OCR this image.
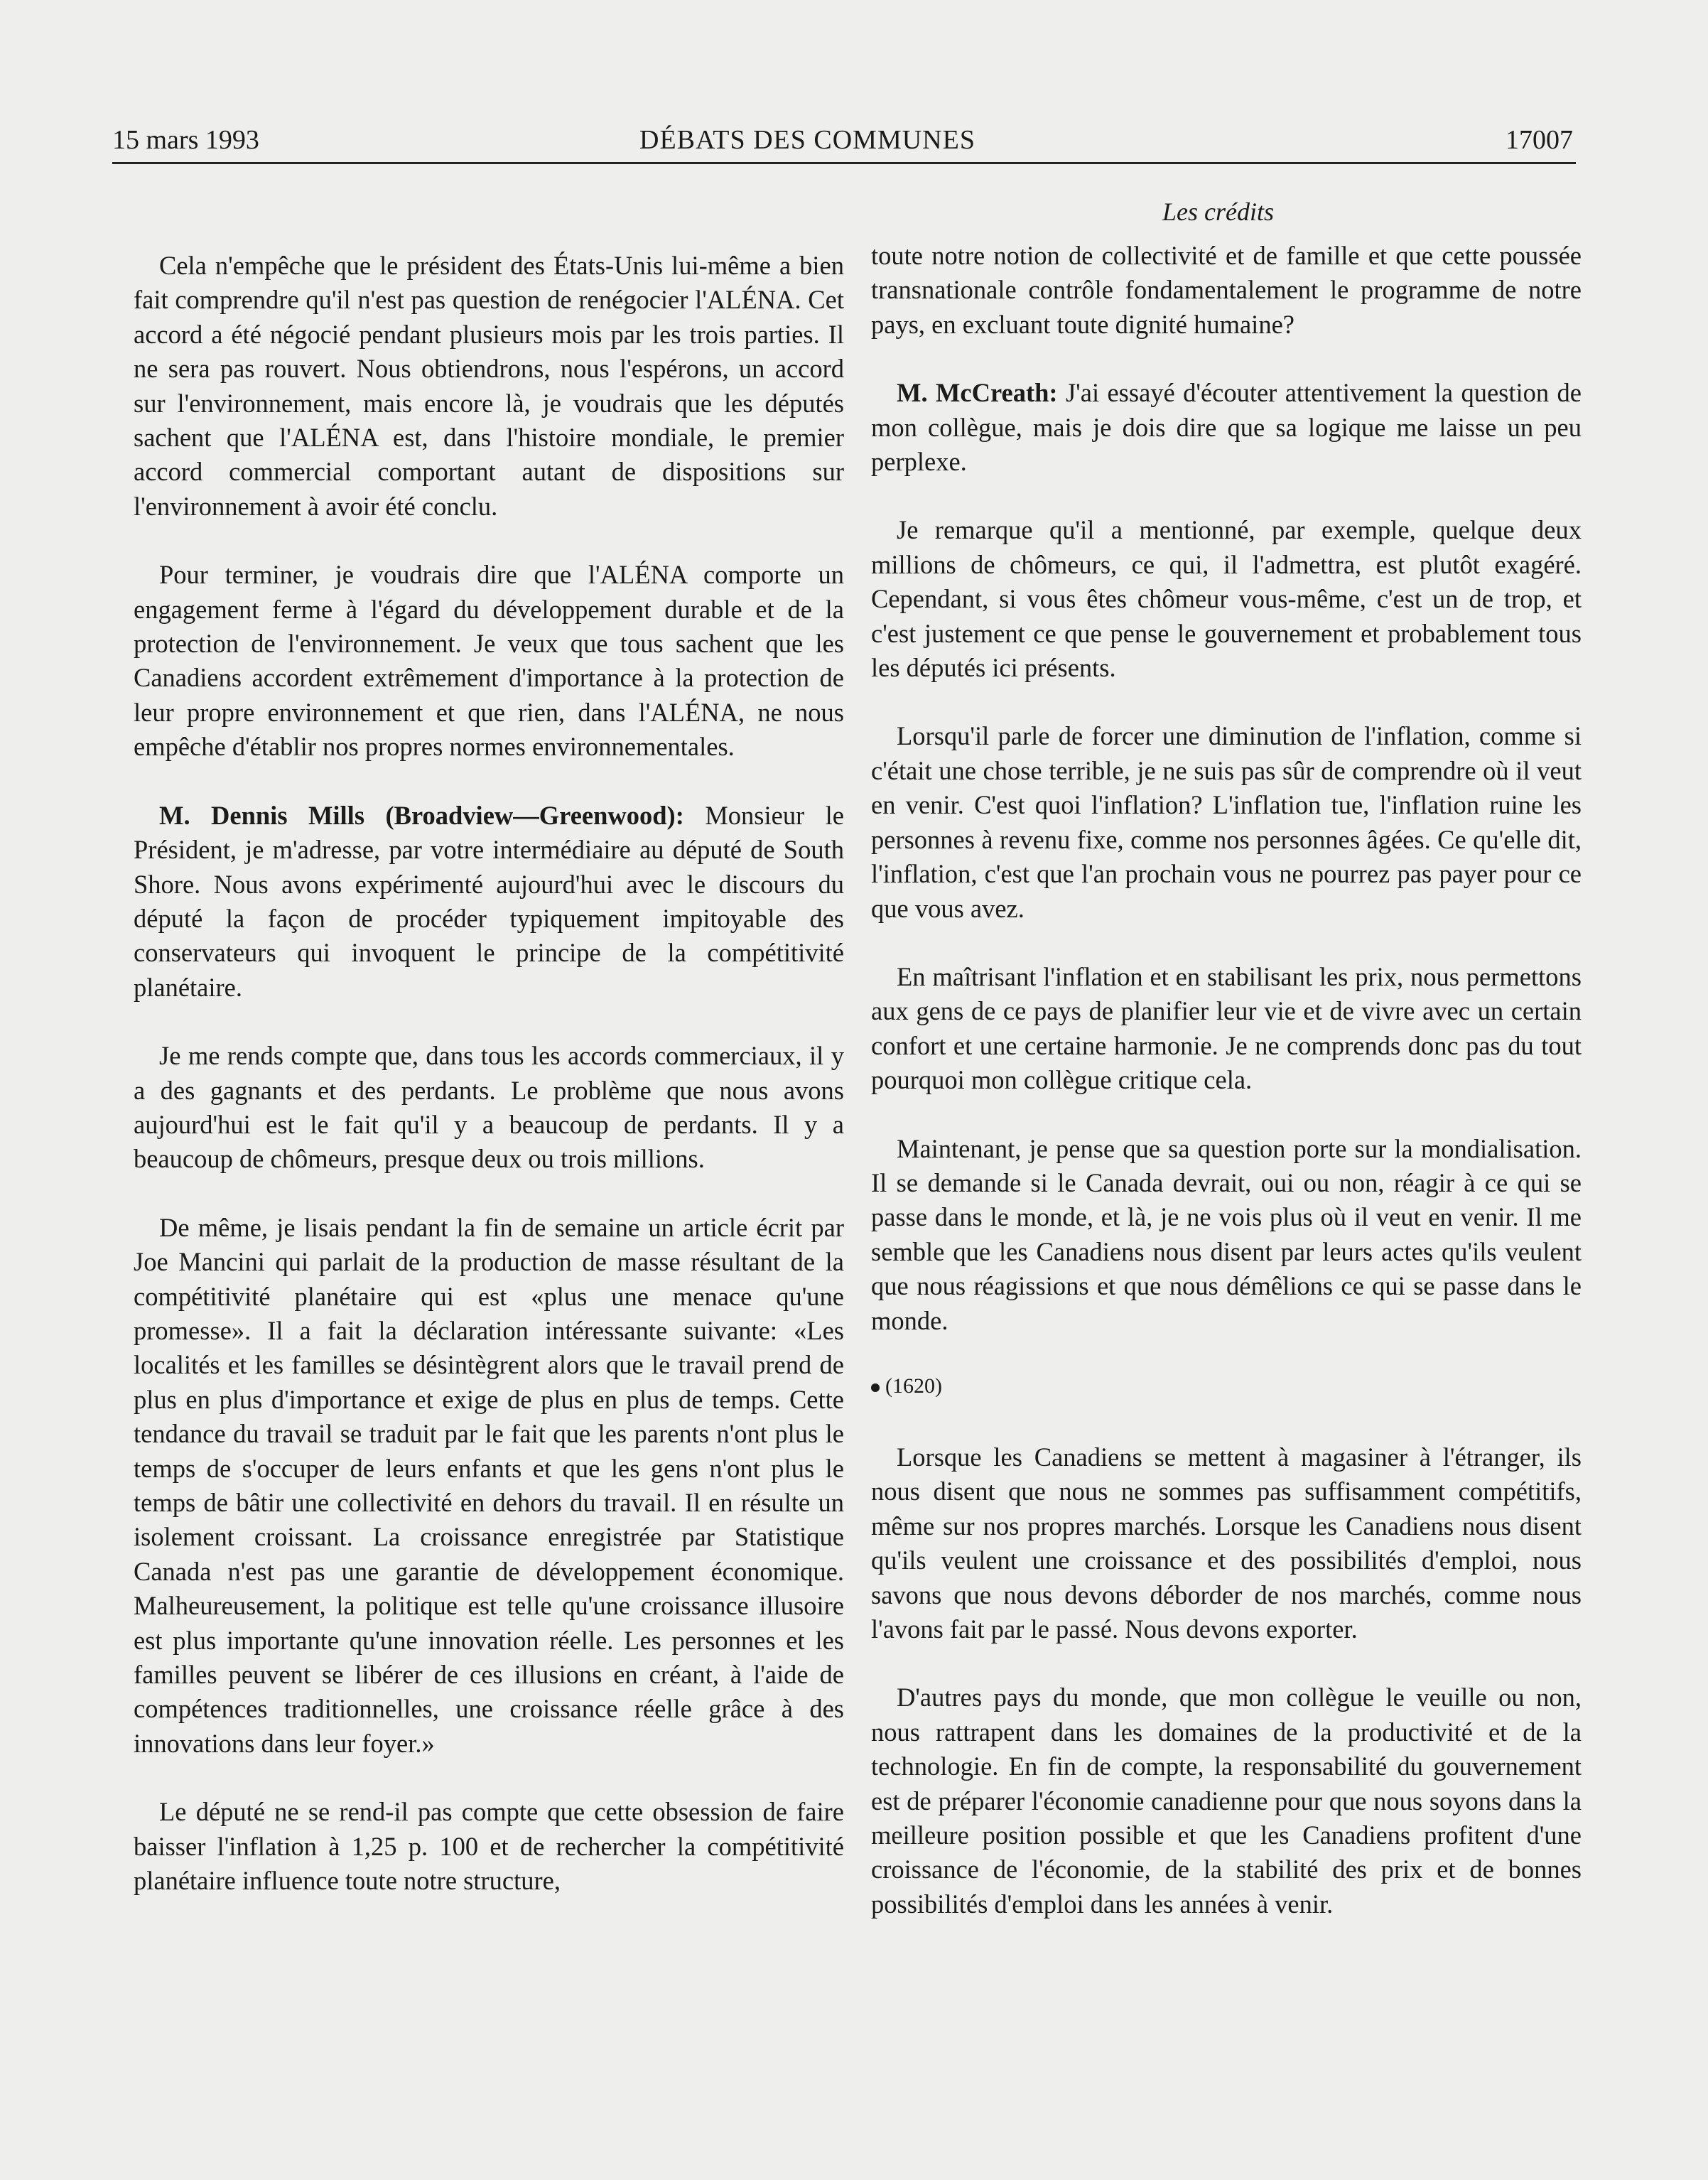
15 mars 1993	DÉBATS DES COMMUNES	17007
Les crédits

Cela n'empêche que le président des États-Unis lui-même a bien fait comprendre qu'il n'est pas question de renégocier l'ALÉNA. Cet accord a été négocié pendant plusieurs mois par les trois parties. Il ne sera pas rouvert. Nous obtiendrons, nous l'espérons, un accord sur l'environnement, mais encore là, je voudrais que les députés sachent que l'ALÉNA est, dans l'histoire mondiale, le premier accord commercial comportant autant de dispositions sur l'environnement à avoir été conclu.

Pour terminer, je voudrais dire que l'ALÉNA comporte un engagement ferme à l'égard du développement durable et de la protection de l'environnement. Je veux que tous sachent que les Canadiens accordent extrêmement d'importance à la protection de leur propre environnement et que rien, dans l'ALÉNA, ne nous empêche d'établir nos propres normes environnementales.

M. Dennis Mills (Broadview—Greenwood): Monsieur le Président, je m'adresse, par votre intermédiaire au député de South Shore. Nous avons expérimenté aujourd'hui avec le discours du député la façon de procéder typiquement impitoyable des conservateurs qui invoquent le principe de la compétitivité planétaire.

Je me rends compte que, dans tous les accords commerciaux, il y a des gagnants et des perdants. Le problème que nous avons aujourd'hui est le fait qu'il y a beaucoup de perdants. Il y a beaucoup de chômeurs, presque deux ou trois millions.

De même, je lisais pendant la fin de semaine un article écrit par Joe Mancini qui parlait de la production de masse résultant de la compétitivité planétaire qui est «plus une menace qu'une promesse». Il a fait la déclaration intéressante suivante: «Les localités et les familles se désintègrent alors que le travail prend de plus en plus d'importance et exige de plus en plus de temps. Cette tendance du travail se traduit par le fait que les parents n'ont plus le temps de s'occuper de leurs enfants et que les gens n'ont plus le temps de bâtir une collectivité en dehors du travail. Il en résulte un isolement croissant. La croissance enregistrée par Statistique Canada n'est pas une garantie de développement économique. Malheureusement, la politique est telle qu'une croissance illusoire est plus importante qu'une innovation réelle. Les personnes et les familles peuvent se libérer de ces illusions en créant, à l'aide de compétences traditionnelles, une croissance réelle grâce à des innovations dans leur foyer.»

Le député ne se rend-il pas compte que cette obsession de faire baisser l'inflation à 1,25 p. 100 et de rechercher la compétitivité planétaire influence toute notre structure,

toute notre notion de collectivité et de famille et que cette poussée transnationale contrôle fondamentalement le programme de notre pays, en excluant toute dignité humaine?

M. McCreath: J'ai essayé d'écouter attentivement la question de mon collègue, mais je dois dire que sa logique me laisse un peu perplexe.

Je remarque qu'il a mentionné, par exemple, quelque deux millions de chômeurs, ce qui, il l'admettra, est plutôt exagéré. Cependant, si vous êtes chômeur vous-même, c'est un de trop, et c'est justement ce que pense le gouvernement et probablement tous les députés ici présents.

Lorsqu'il parle de forcer une diminution de l'inflation, comme si c'était une chose terrible, je ne suis pas sûr de comprendre où il veut en venir. C'est quoi l'inflation? L'inflation tue, l'inflation ruine les personnes à revenu fixe, comme nos personnes âgées. Ce qu'elle dit, l'inflation, c'est que l'an prochain vous ne pourrez pas payer pour ce que vous avez.

En maîtrisant l'inflation et en stabilisant les prix, nous permettons aux gens de ce pays de planifier leur vie et de vivre avec un certain confort et une certaine harmonie. Je ne comprends donc pas du tout pourquoi mon collègue critique cela.

Maintenant, je pense que sa question porte sur la mondialisation. Il se demande si le Canada devrait, oui ou non, réagir à ce qui se passe dans le monde, et là, je ne vois plus où il veut en venir. Il me semble que les Canadiens nous disent par leurs actes qu'ils veulent que nous réagissions et que nous démêlions ce qui se passe dans le monde.

(1620)

Lorsque les Canadiens se mettent à magasiner à l'étranger, ils nous disent que nous ne sommes pas suffisamment compétitifs, même sur nos propres marchés. Lorsque les Canadiens nous disent qu'ils veulent une croissance et des possibilités d'emploi, nous savons que nous devons déborder de nos marchés, comme nous l'avons fait par le passé. Nous devons exporter.

D'autres pays du monde, que mon collègue le veuille ou non, nous rattrapent dans les domaines de la productivité et de la technologie. En fin de compte, la responsabilité du gouvernement est de préparer l'économie canadienne pour que nous soyons dans la meilleure position possible et que les Canadiens profitent d'une croissance de l'économie, de la stabilité des prix et de bonnes possibilités d'emploi dans les années à venir.
